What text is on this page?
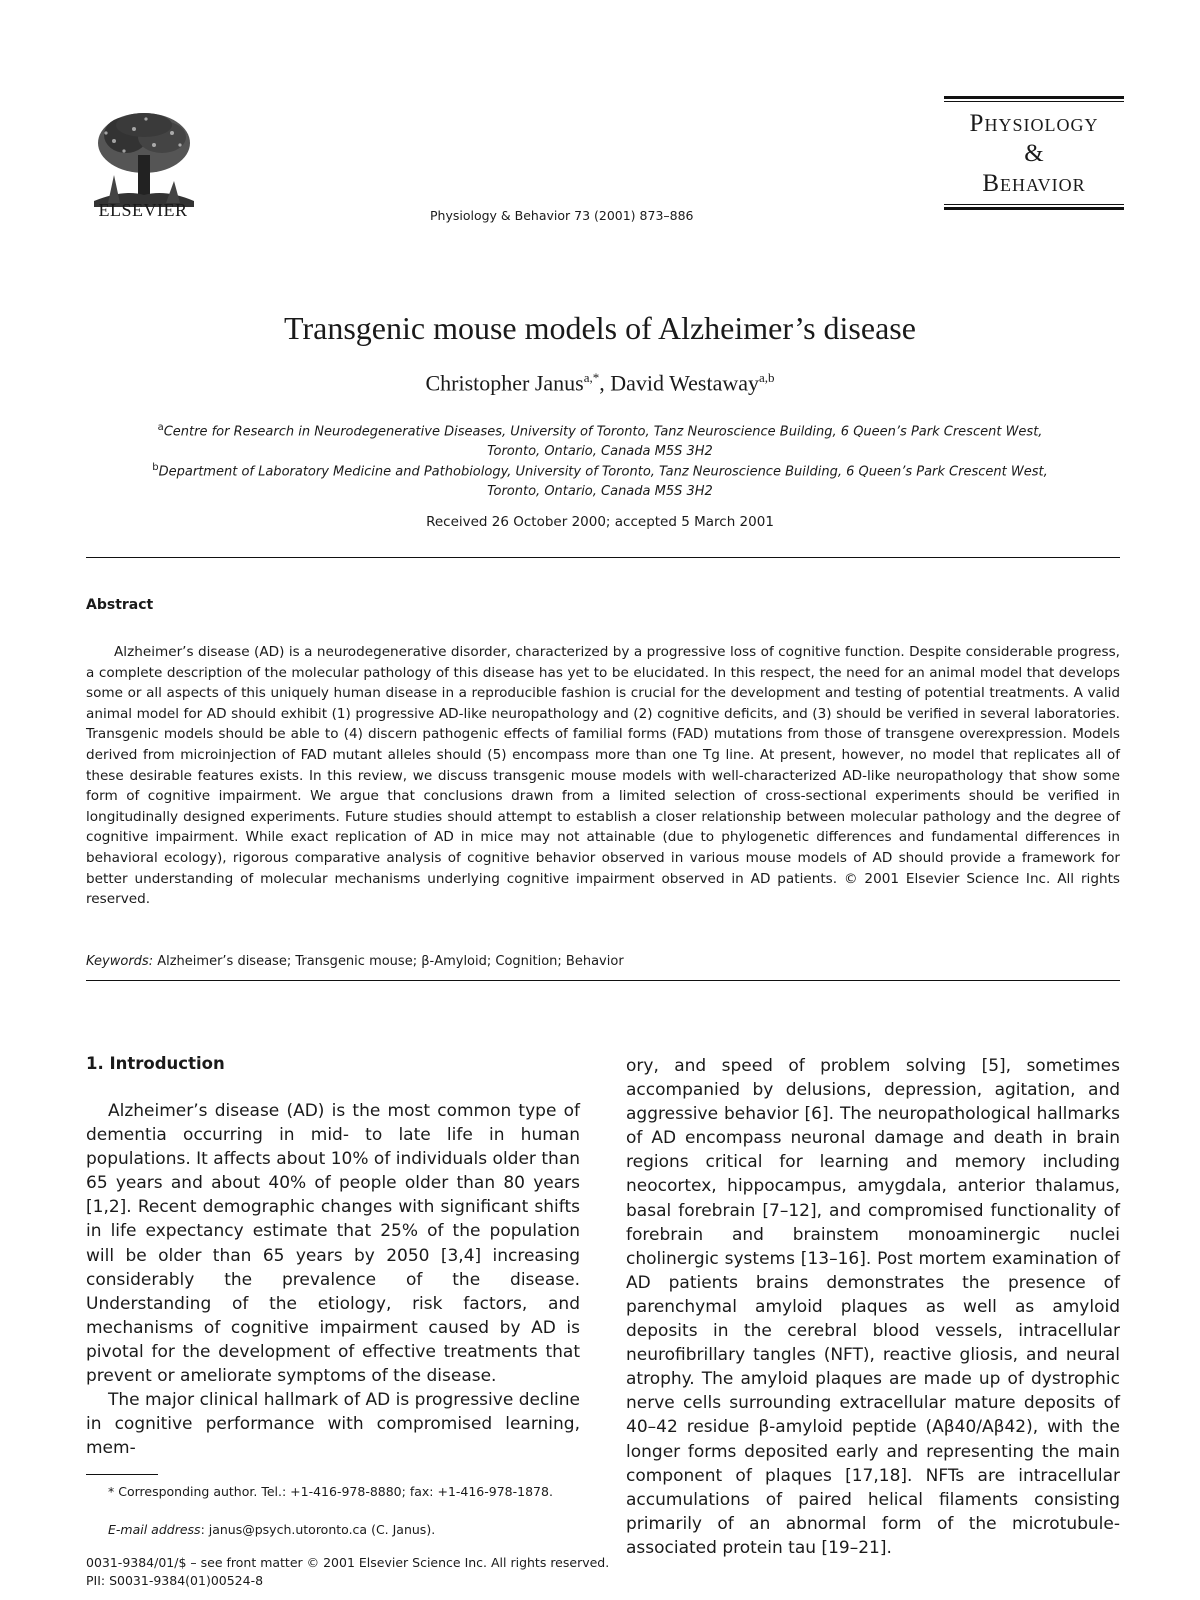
ELSEVIER	Physiology & Behavior 73 (2001) 873–886
Physiology
&
Behavior
Transgenic mouse models of Alzheimer’s disease
Christopher Janus$^{a,*}$, David Westaway$^{a,b}$
$^a$Centre for Research in Neurodegenerative Diseases, University of Toronto, Tanz Neuroscience Building, 6 Queen’s Park Crescent West,
Toronto, Ontario, Canada M5S 3H2
$^b$Department of Laboratory Medicine and Pathobiology, University of Toronto, Tanz Neuroscience Building, 6 Queen’s Park Crescent West,
Toronto, Ontario, Canada M5S 3H2
Received 26 October 2000; accepted 5 March 2001
Abstract

Alzheimer’s disease (AD) is a neurodegenerative disorder, characterized by a progressive loss of cognitive function. Despite considerable progress, a complete description of the molecular pathology of this disease has yet to be elucidated. In this respect, the need for an animal model that develops some or all aspects of this uniquely human disease in a reproducible fashion is crucial for the development and testing of potential treatments. A valid animal model for AD should exhibit (1) progressive AD-like neuropathology and (2) cognitive deficits, and (3) should be verified in several laboratories. Transgenic models should be able to (4) discern pathogenic effects of familial forms (FAD) mutations from those of transgene overexpression. Models derived from microinjection of FAD mutant alleles should (5) encompass more than one Tg line. At present, however, no model that replicates all of these desirable features exists. In this review, we discuss transgenic mouse models with well-characterized AD-like neuropathology that show some form of cognitive impairment. We argue that conclusions drawn from a limited selection of cross-sectional experiments should be verified in longitudinally designed experiments. Future studies should attempt to establish a closer relationship between molecular pathology and the degree of cognitive impairment. While exact replication of AD in mice may not attainable (due to phylogenetic differences and fundamental differences in behavioral ecology), rigorous comparative analysis of cognitive behavior observed in various mouse models of AD should provide a framework for better understanding of molecular mechanisms underlying cognitive impairment observed in AD patients. © 2001 Elsevier Science Inc. All rights reserved.

Keywords: Alzheimer’s disease; Transgenic mouse; β-Amyloid; Cognition; Behavior
1. Introduction

Alzheimer’s disease (AD) is the most common type of dementia occurring in mid- to late life in human populations. It affects about 10% of individuals older than 65 years and about 40% of people older than 80 years [1,2]. Recent demographic changes with significant shifts in life expectancy estimate that 25% of the population will be older than 65 years by 2050 [3,4] increasing considerably the prevalence of the disease. Understanding of the etiology, risk factors, and mechanisms of cognitive impairment caused by AD is pivotal for the development of effective treatments that prevent or ameliorate symptoms of the disease.

The major clinical hallmark of AD is progressive decline in cognitive performance with compromised learning, mem-

ory, and speed of problem solving [5], sometimes accompanied by delusions, depression, agitation, and aggressive behavior [6]. The neuropathological hallmarks of AD encompass neuronal damage and death in brain regions critical for learning and memory including neocortex, hippocampus, amygdala, anterior thalamus, basal forebrain [7–12], and compromised functionality of forebrain and brainstem monoaminergic nuclei cholinergic systems [13–16]. Post mortem examination of AD patients brains demonstrates the presence of parenchymal amyloid plaques as well as amyloid deposits in the cerebral blood vessels, intracellular neurofibrillary tangles (NFT), reactive gliosis, and neural atrophy. The amyloid plaques are made up of dystrophic nerve cells surrounding extracellular mature deposits of 40–42 residue β-amyloid peptide (Aβ40/Aβ42), with the longer forms deposited early and representing the main component of plaques [17,18]. NFTs are intracellular accumulations of paired helical filaments consisting primarily of an abnormal form of the microtubule-associated protein tau [19–21].

* Corresponding author. Tel.: +1-416-978-8880; fax: +1-416-978-1878.
E-mail address: janus@psych.utoronto.ca (C. Janus).
0031-9384/01/$ – see front matter © 2001 Elsevier Science Inc. All rights reserved.
PII: S0031-9384(01)00524-8
